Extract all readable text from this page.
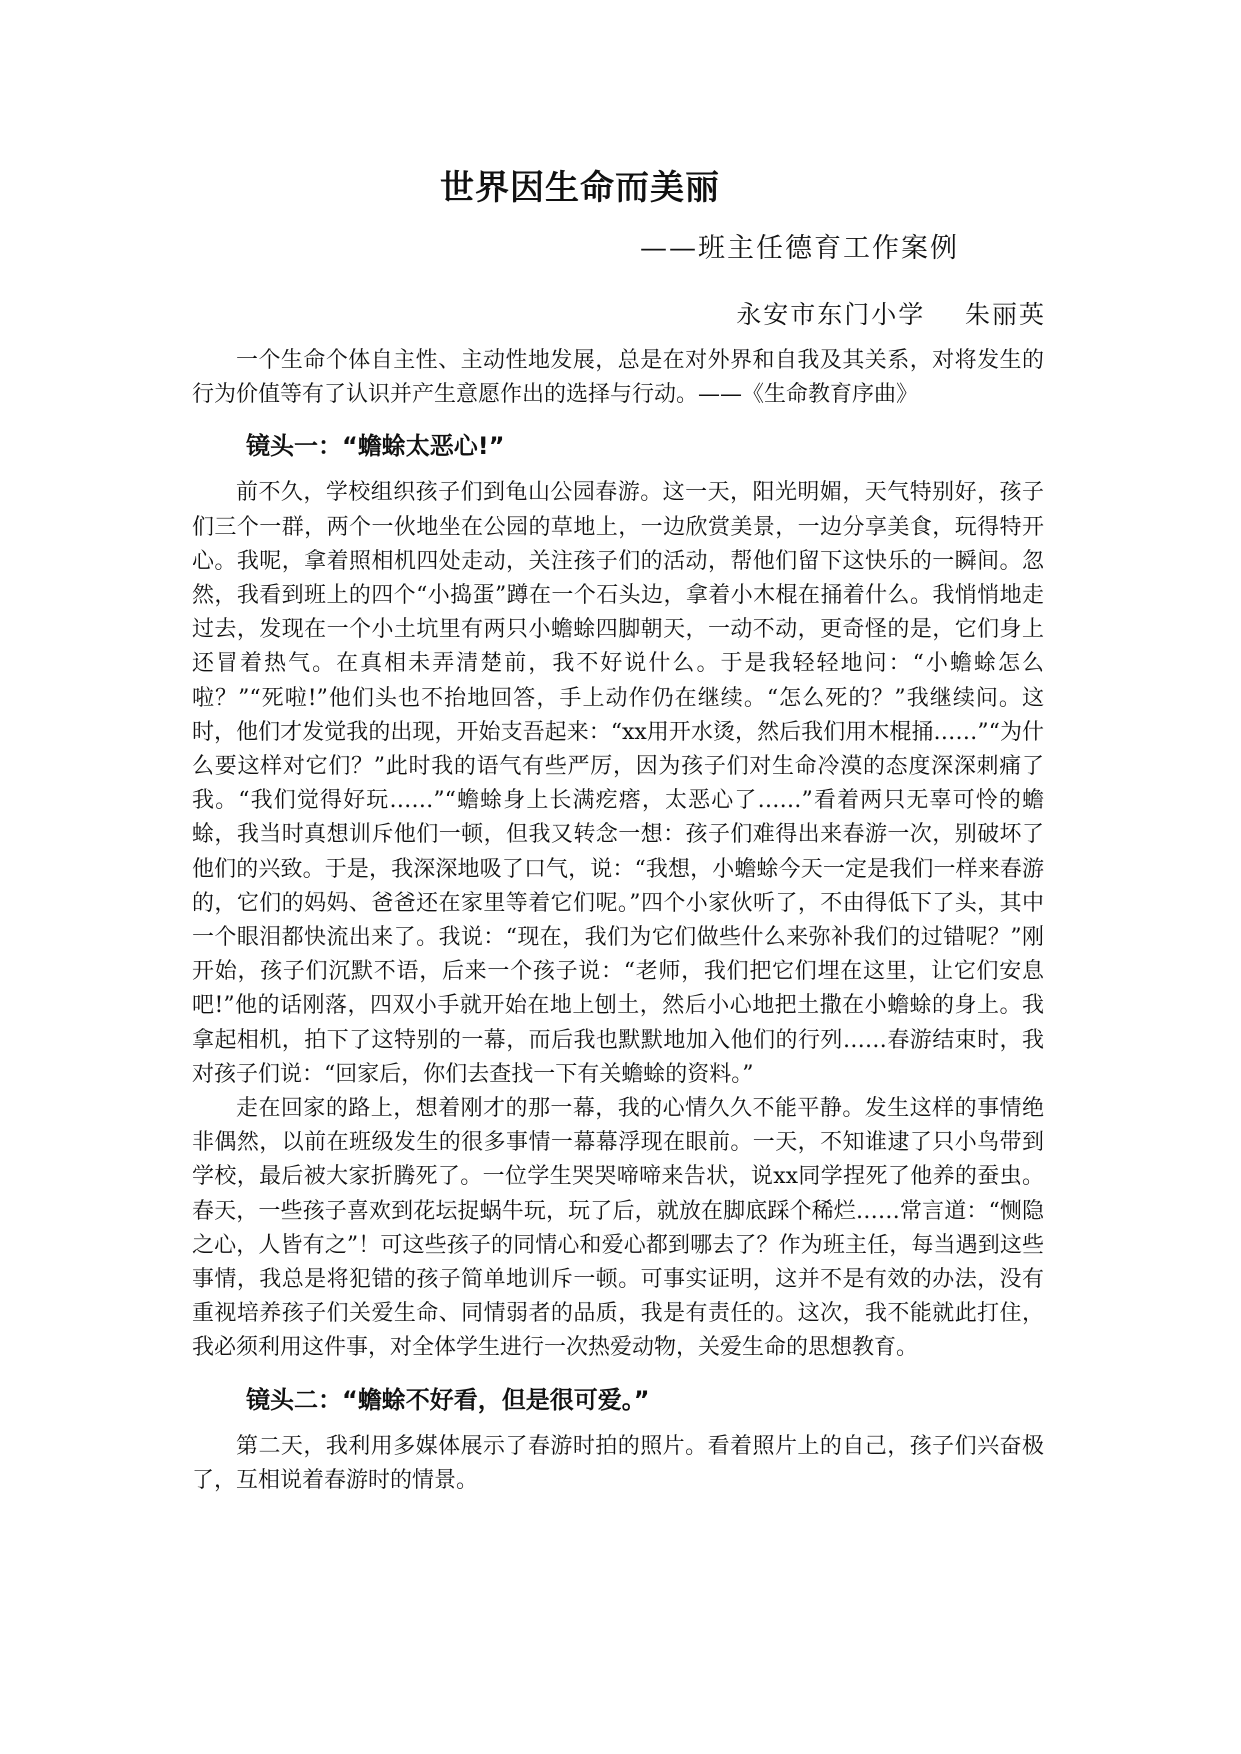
世界因生命而美丽
——班主任德育工作案例
永安市东门小学    朱丽英

一个生命个体自主性、主动性地发展，总是在对外界和自我及其关系，对将发生的行为价值等有了认识并产生意愿作出的选择与行动。——《生命教育序曲》

镜头一：“蟾蜍太恶心!”

前不久，学校组织孩子们到龟山公园春游。这一天，阳光明媚，天气特别好，孩子们三个一群，两个一伙地坐在公园的草地上，一边欣赏美景，一边分享美食，玩得特开心。我呢，拿着照相机四处走动，关注孩子们的活动，帮他们留下这快乐的一瞬间。忽然，我看到班上的四个“小捣蛋”蹲在一个石头边，拿着小木棍在捅着什么。我悄悄地走过去，发现在一个小土坑里有两只小蟾蜍四脚朝天，一动不动，更奇怪的是，它们身上还冒着热气。在真相未弄清楚前，我不好说什么。于是我轻轻地问：“小蟾蜍怎么啦？”“死啦!”他们头也不抬地回答，手上动作仍在继续。“怎么死的？”我继续问。这时，他们才发觉我的出现，开始支吾起来：“xx用开水烫，然后我们用木棍捅……”“为什么要这样对它们？”此时我的语气有些严厉，因为孩子们对生命冷漠的态度深深刺痛了我。“我们觉得好玩……”“蟾蜍身上长满疙瘩，太恶心了……”看着两只无辜可怜的蟾蜍，我当时真想训斥他们一顿，但我又转念一想：孩子们难得出来春游一次，别破坏了他们的兴致。于是，我深深地吸了口气，说：“我想，小蟾蜍今天一定是我们一样来春游的，它们的妈妈、爸爸还在家里等着它们呢。”四个小家伙听了，不由得低下了头，其中一个眼泪都快流出来了。我说：“现在，我们为它们做些什么来弥补我们的过错呢？”刚开始，孩子们沉默不语，后来一个孩子说：“老师，我们把它们埋在这里，让它们安息吧!”他的话刚落，四双小手就开始在地上刨土，然后小心地把土撒在小蟾蜍的身上。我拿起相机，拍下了这特别的一幕，而后我也默默地加入他们的行列……春游结束时，我对孩子们说：“回家后，你们去查找一下有关蟾蜍的资料。”

走在回家的路上，想着刚才的那一幕，我的心情久久不能平静。发生这样的事情绝非偶然，以前在班级发生的很多事情一幕幕浮现在眼前。一天，不知谁逮了只小鸟带到学校，最后被大家折腾死了。一位学生哭哭啼啼来告状，说xx同学捏死了他养的蚕虫。春天，一些孩子喜欢到花坛捉蜗牛玩，玩了后，就放在脚底踩个稀烂……常言道：“恻隐之心，人皆有之”！可这些孩子的同情心和爱心都到哪去了？作为班主任，每当遇到这些事情，我总是将犯错的孩子简单地训斥一顿。可事实证明，这并不是有效的办法，没有重视培养孩子们关爱生命、同情弱者的品质，我是有责任的。这次，我不能就此打住，我必须利用这件事，对全体学生进行一次热爱动物，关爱生命的思想教育。

镜头二：“蟾蜍不好看，但是很可爱。”

第二天，我利用多媒体展示了春游时拍的照片。看着照片上的自己，孩子们兴奋极了，互相说着春游时的情景。
